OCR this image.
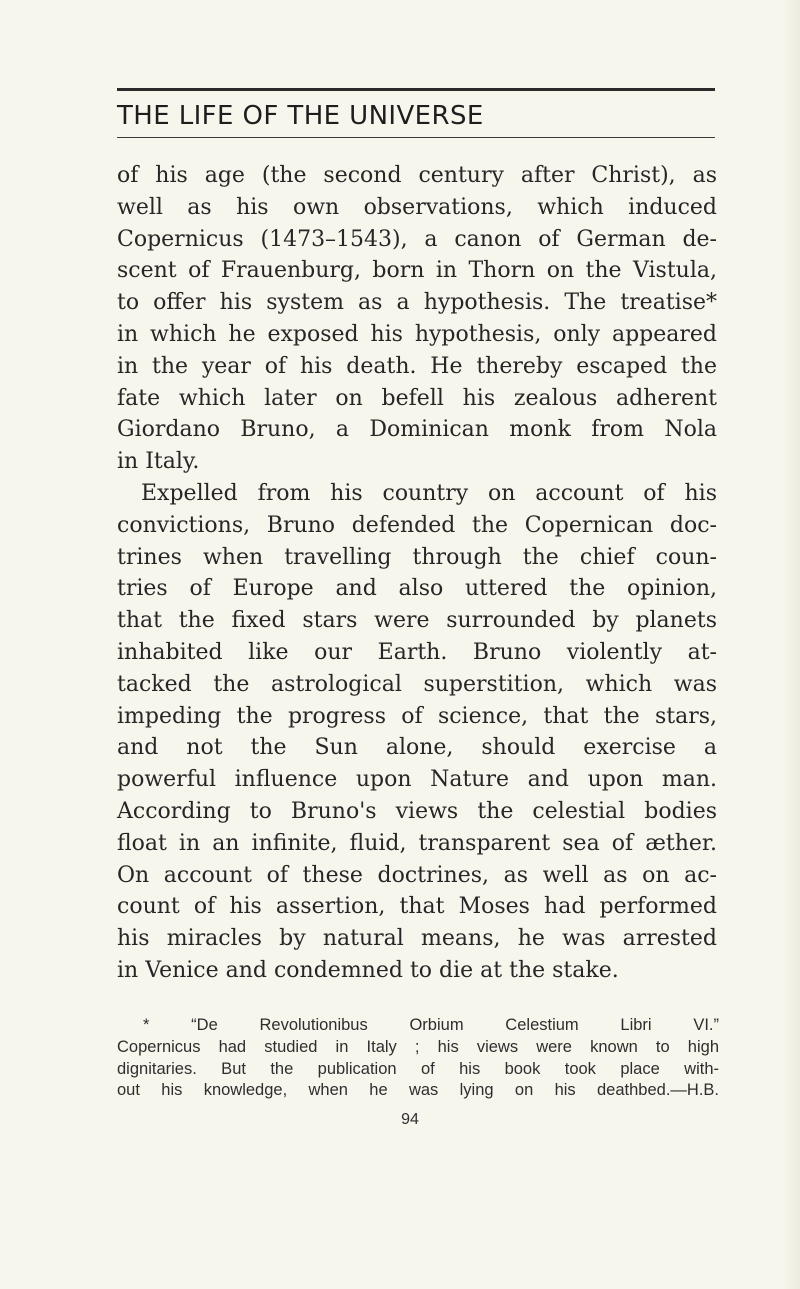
THE LIFE OF THE UNIVERSE
of his age (the second century after Christ), as
well as his own observations, which induced
Copernicus (1473–1543), a canon of German de-
scent of Frauenburg, born in Thorn on the Vistula,
to offer his system as a hypothesis. The treatise*
in which he exposed his hypothesis, only appeared
in the year of his death. He thereby escaped the
fate which later on befell his zealous adherent
Giordano Bruno, a Dominican monk from Nola
in Italy.
Expelled from his country on account of his
convictions, Bruno defended the Copernican doc-
trines when travelling through the chief coun-
tries of Europe and also uttered the opinion,
that the fixed stars were surrounded by planets
inhabited like our Earth. Bruno violently at-
tacked the astrological superstition, which was
impeding the progress of science, that the stars,
and not the Sun alone, should exercise a
powerful influence upon Nature and upon man.
According to Bruno's views the celestial bodies
float in an infinite, fluid, transparent sea of æther.
On account of these doctrines, as well as on ac-
count of his assertion, that Moses had performed
his miracles by natural means, he was arrested
in Venice and condemned to die at the stake.
* “De Revolutionibus Orbium Celestium Libri VI.”
Copernicus had studied in Italy ; his views were known to high
dignitaries. But the publication of his book took place with-
out his knowledge, when he was lying on his deathbed.—H.B.
94
